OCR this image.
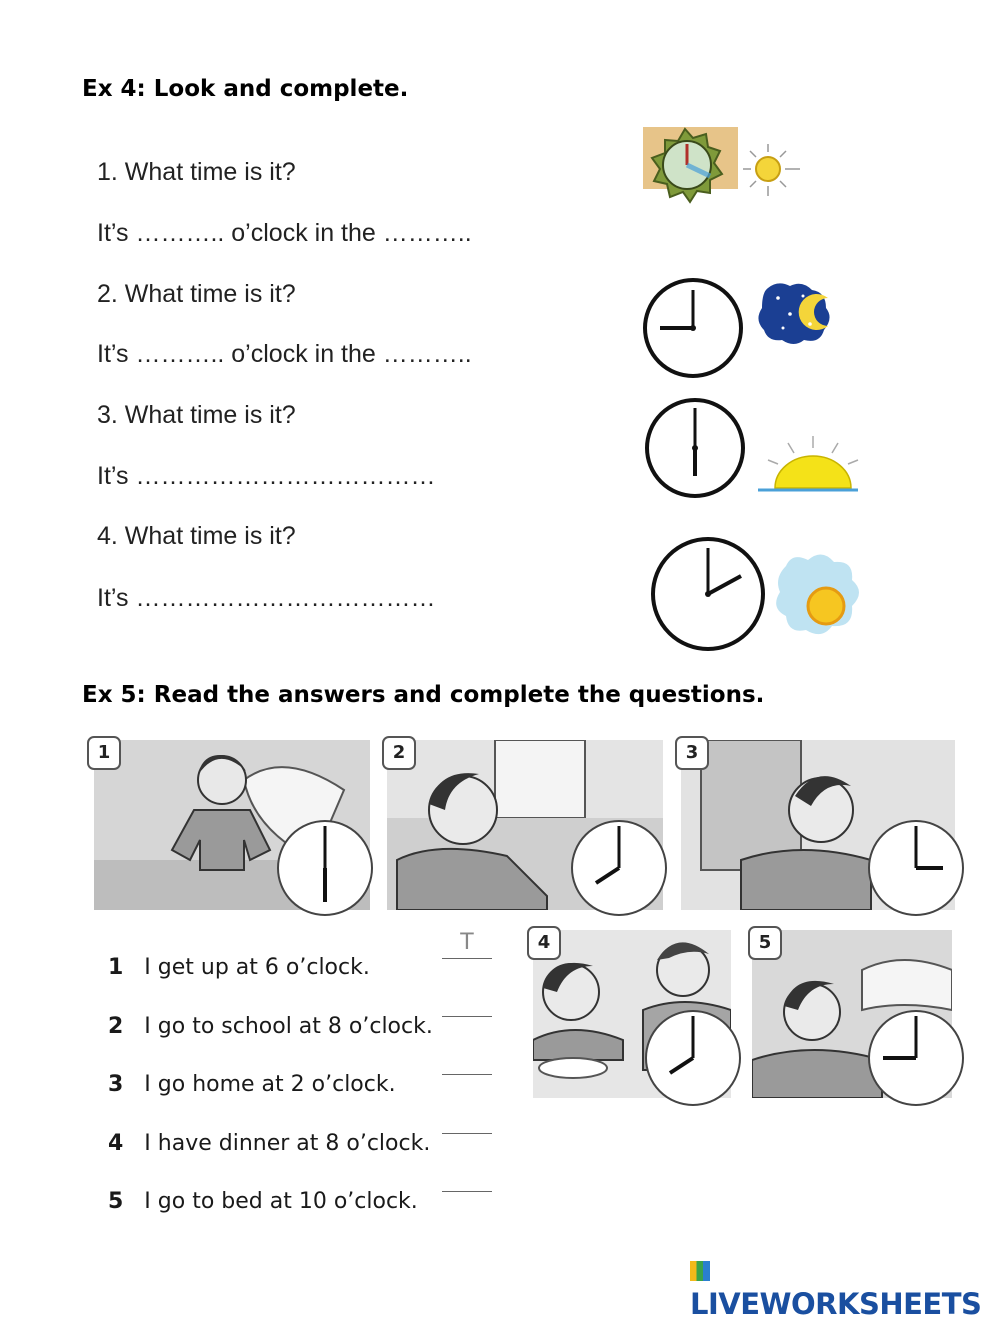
Ex 4: Look and complete.
1. What time is it?
It’s ……….. o’clock in the ………..
2. What time is it?
It’s ……….. o’clock in the ………..
3. What time is it?
It’s ………………………………
4. What time is it?
It’s ………………………………
Ex 5: Read the answers and complete the questions.
1	2	3

1 I get up at 6 o’clock.

T

2 I go to school at 8 o’clock.

3 I go home at 2 o’clock.

4 I have dinner at 8 o’clock.

5 I go to bed at 10 o’clock.

4	5
LIVEWORKSHEETS
